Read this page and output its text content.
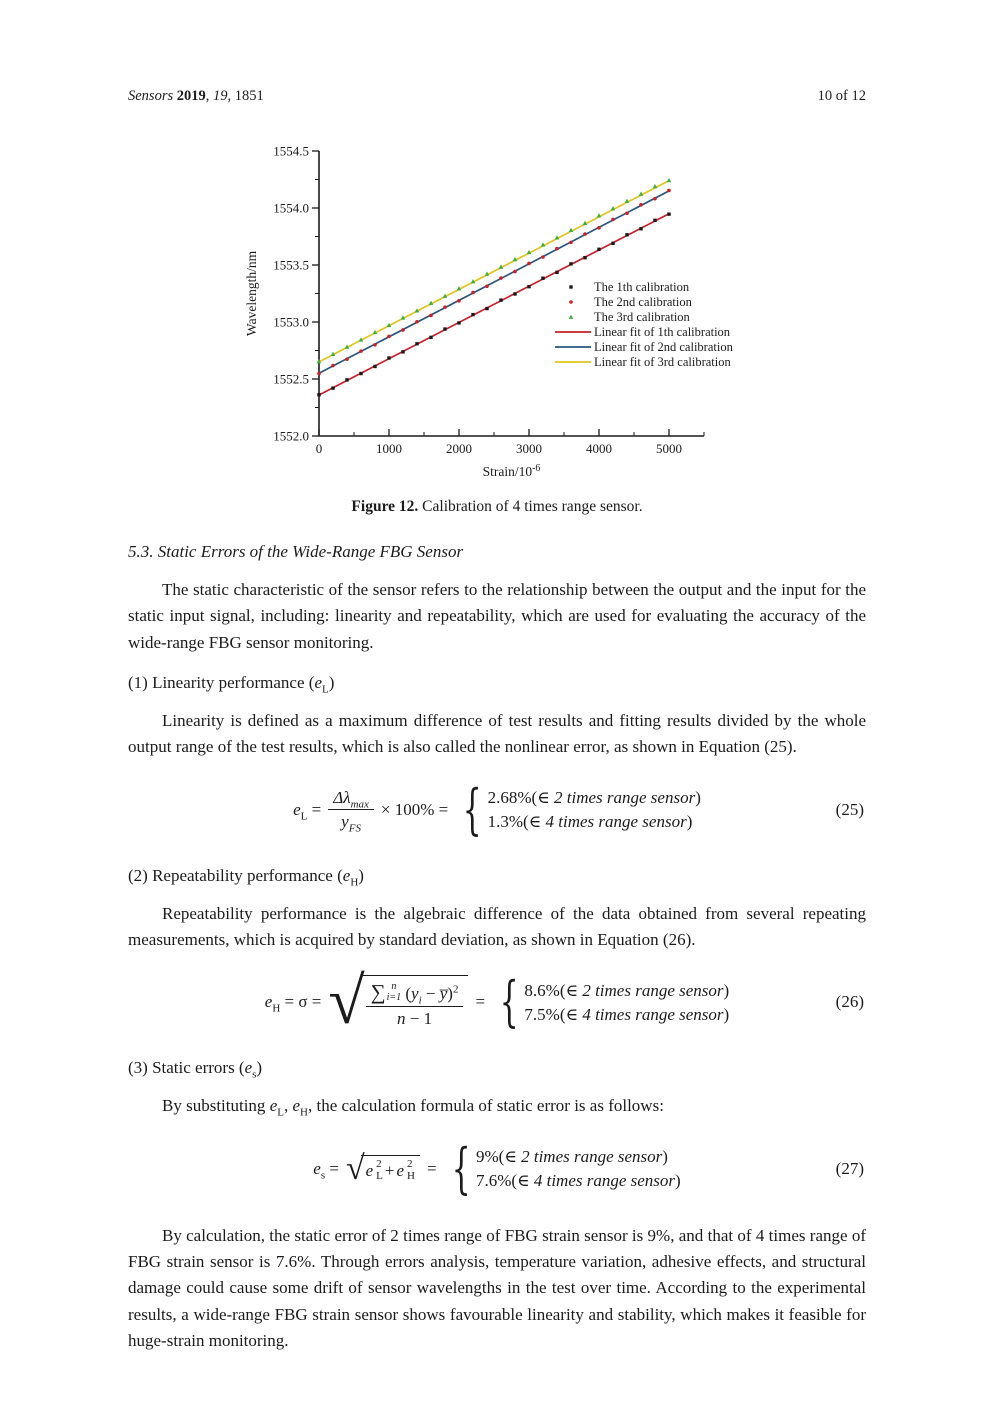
Sensors 2019, 19, 1851	10 of 12
1552.0
1552.5
1553.0
1553.5
1554.0
1554.5
0	1000	2000	3000	4000	5000
Wavelength/nm
Strain/$10^{-6}$
The 1th calibration
The 2nd calibration
The 3rd calibration
Linear fit of 1th calibration
Linear fit of 2nd calibration
Linear fit of 3rd calibration
Figure 12. Calibration of 4 times range sensor.
5.3. Static Errors of the Wide-Range FBG Sensor

The static characteristic of the sensor refers to the relationship between the output and the input for the static input signal, including: linearity and repeatability, which are used for evaluating the accuracy of the wide-range FBG sensor monitoring.

(1) Linearity performance $(e_L)$

Linearity is defined as a maximum difference of test results and fitting results divided by the whole output range of the test results, which is also called the nonlinear error, as shown in Equation (25).

$e_L = \frac{\Delta\lambda_{max}}{y_{FS}} \times 100\%$ = { 2.68%(∈ 2 times range sensor)
1.3%(∈ 4 times range sensor)
(25)
(2) Repeatability performance $(e_H)$

Repeatability performance is the algebraic difference of the data obtained from several repeating measurements, which is acquired by standard deviation, as shown in Equation (26).

$e_H = \sigma$ = √ ∑ n
i=1 ($y_i$ − y̅)$^2$
n − 1 = { 8.6%(∈ 2 times range sensor)
7.5%(∈ 4 times range sensor)
(26)
(3) Static errors $(e_s)$

By substituting $e_L$, $e_H$, the calculation formula of static error is as follows:

$e_s$ = √ e 2
L + e 2
H = { 9%(∈ 2 times range sensor)
7.6%(∈ 4 times range sensor)
(27)

By calculation, the static error of 2 times range of FBG strain sensor is 9%, and that of 4 times range of FBG strain sensor is 7.6%. Through errors analysis, temperature variation, adhesive effects, and structural damage could cause some drift of sensor wavelengths in the test over time. According to the experimental results, a wide-range FBG strain sensor shows favourable linearity and stability, which makes it feasible for huge-strain monitoring.
